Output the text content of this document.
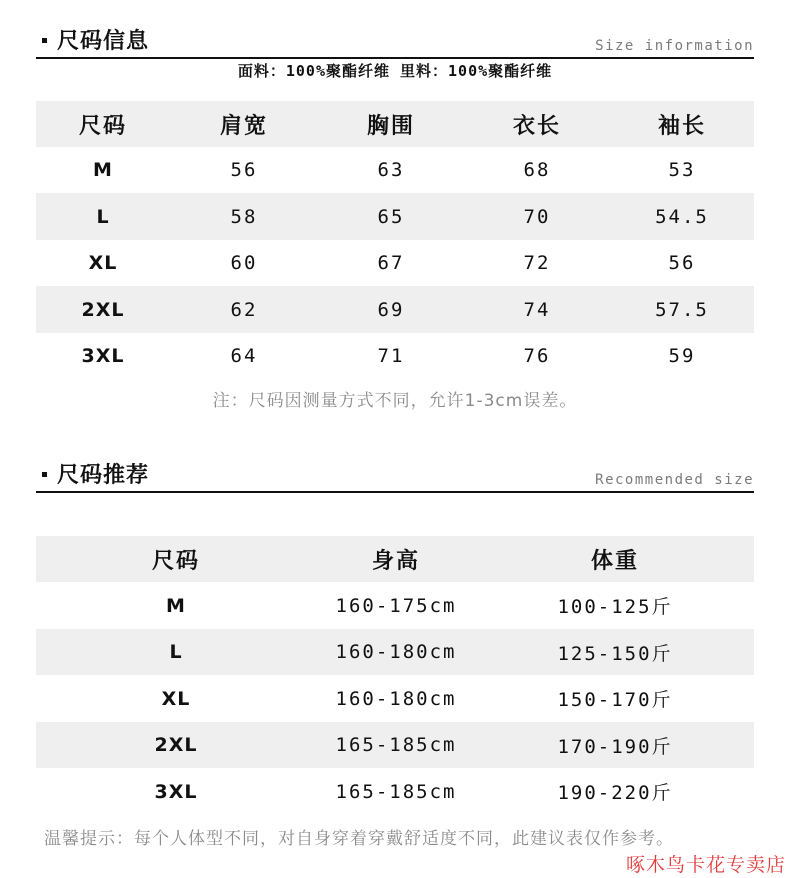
尺码信息	Size information
面料：100%聚酯纤维 里料：100%聚酯纤维
尺码	肩宽	胸围	衣长	袖长
M	56	63	68	53
L	58	65	70	54.5
XL	60	67	72	56
2XL	62	69	74	57.5
3XL	64	71	76	59
注：尺码因测量方式不同，允许1-3cm误差。
尺码推荐	Recommended size
尺码	身高	体重
M	160-175cm	100-125斤
L	160-180cm	125-150斤
XL	160-180cm	150-170斤
2XL	165-185cm	170-190斤
3XL	165-185cm	190-220斤
温馨提示：每个人体型不同，对自身穿着穿戴舒适度不同，此建议表仅作参考。
啄木鸟卡花专卖店
